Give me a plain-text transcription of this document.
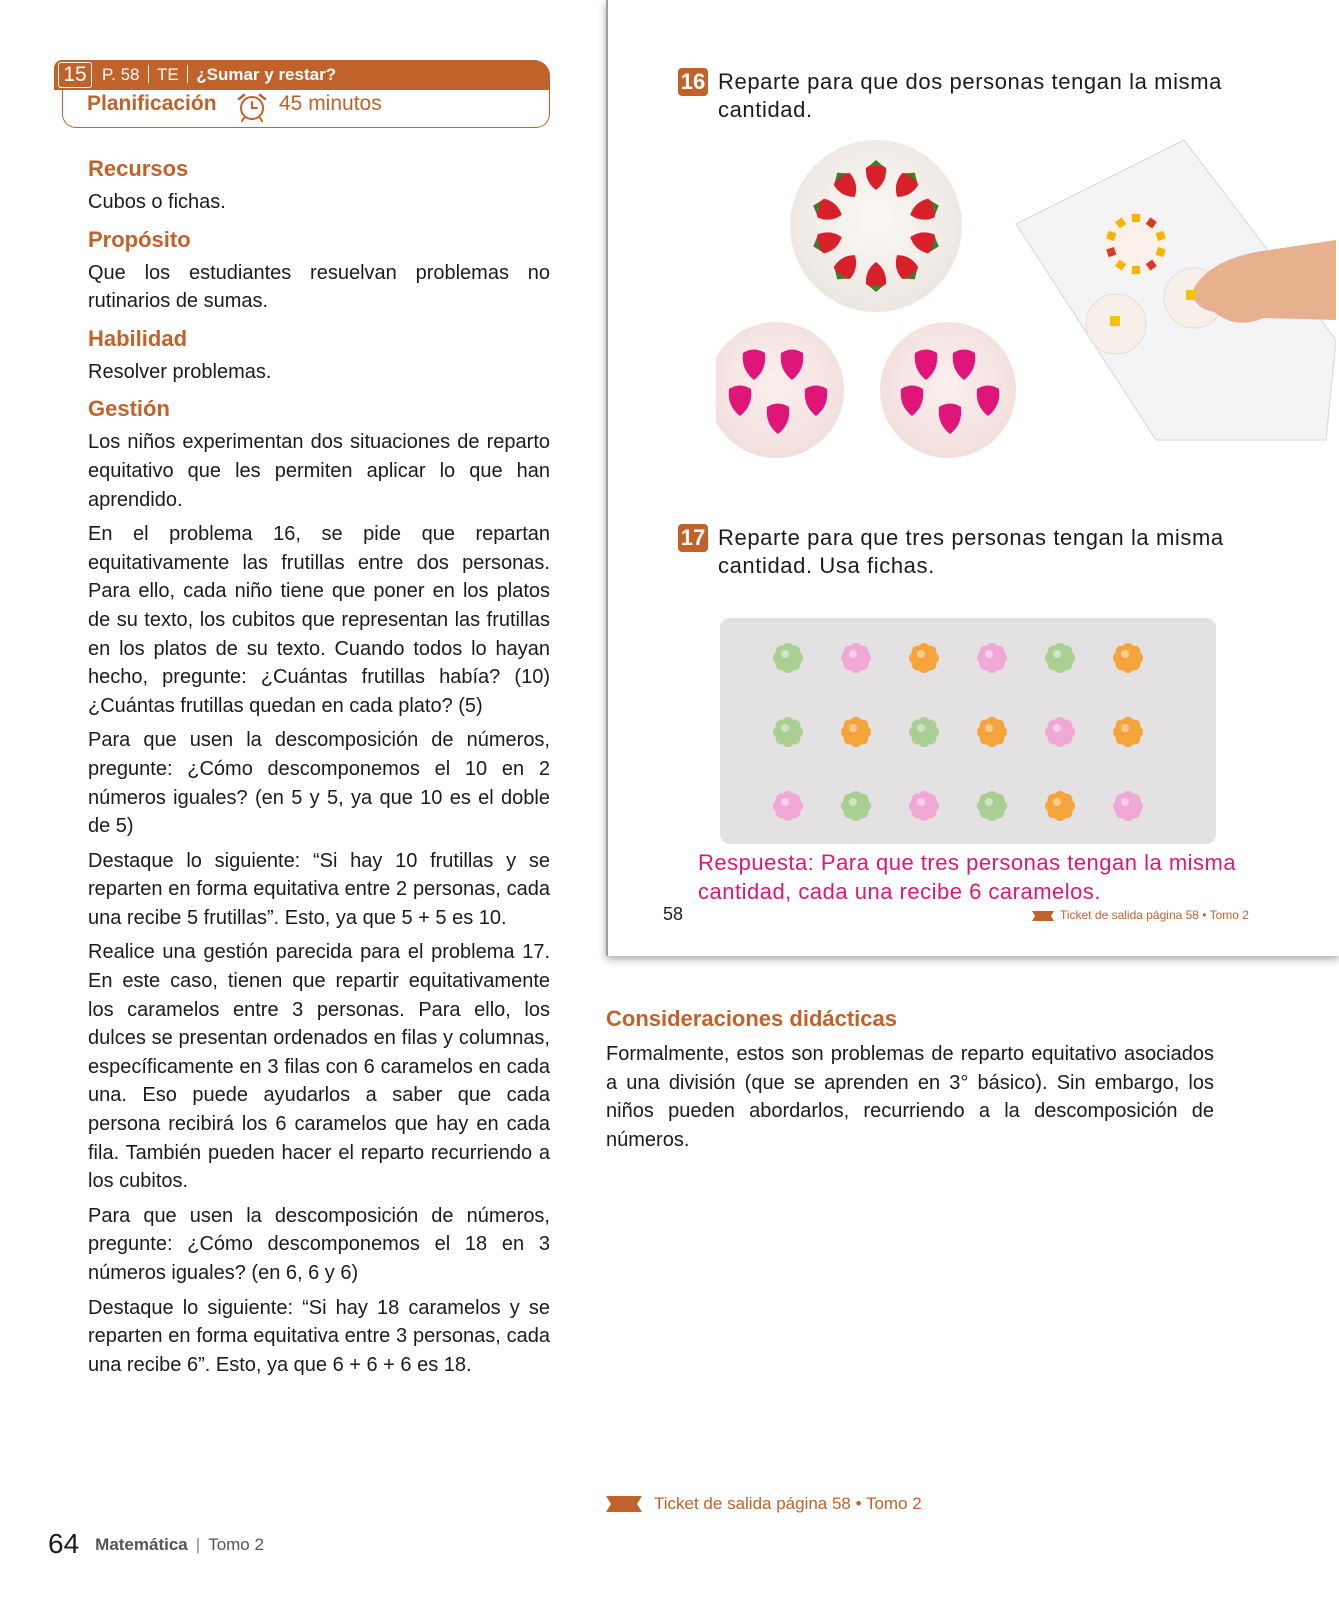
15 P. 58 TE ¿Sumar y restar?
Planificación	45 minutos
Recursos

Cubos o fichas.

Propósito

Que los estudiantes resuelvan problemas no rutinarios de sumas.

Habilidad

Resolver problemas.

Gestión

Los niños experimentan dos situaciones de reparto equitativo que les permiten aplicar lo que han aprendido.

En el problema 16, se pide que repartan equitativamente las frutillas entre dos personas. Para ello, cada niño tiene que poner en los platos de su texto, los cubitos que representan las frutillas en los platos de su texto. Cuando todos lo hayan hecho, pregunte: ¿Cuántas frutillas había? (10) ¿Cuántas frutillas quedan en cada plato? (5)

Para que usen la descomposición de números, pregunte: ¿Cómo descomponemos el 10 en 2 números iguales? (en 5 y 5, ya que 10 es el doble de 5)

Destaque lo siguiente: “Si hay 10 frutillas y se reparten en forma equitativa entre 2 personas, cada una recibe 5 frutillas”. Esto, ya que 5 + 5 es 10.

Realice una gestión parecida para el problema 17. En este caso, tienen que repartir equitativamente los caramelos entre 3 personas. Para ello, los dulces se presentan ordenados en filas y columnas, específicamente en 3 filas con 6 caramelos en cada una. Eso puede ayudarlos a saber que cada persona recibirá los 6 caramelos que hay en cada fila. También pueden hacer el reparto recurriendo a los cubitos.

Para que usen la descomposición de números, pregunte: ¿Cómo descomponemos el 18 en 3 números iguales? (en 6, 6 y 6)

Destaque lo siguiente: “Si hay 18 caramelos y se reparten en forma equitativa entre 3 personas, cada una recibe 6”. Esto, ya que 6 + 6 + 6 es 18.

64 Matemática | Tomo 2
16 Reparte para que dos personas tengan la misma cantidad.
17 Reparte para que tres personas tengan la misma cantidad. Usa fichas.
Respuesta: Para que tres personas tengan la misma cantidad, cada una recibe 6 caramelos.
58	Ticket de salida página 58 • Tomo 2
Consideraciones didácticas

Formalmente, estos son problemas de reparto equitativo asociados a una división (que se aprenden en 3° básico). Sin embargo, los niños pueden abordarlos, recurriendo a la descomposición de números.

Ticket de salida página 58 • Tomo 2
